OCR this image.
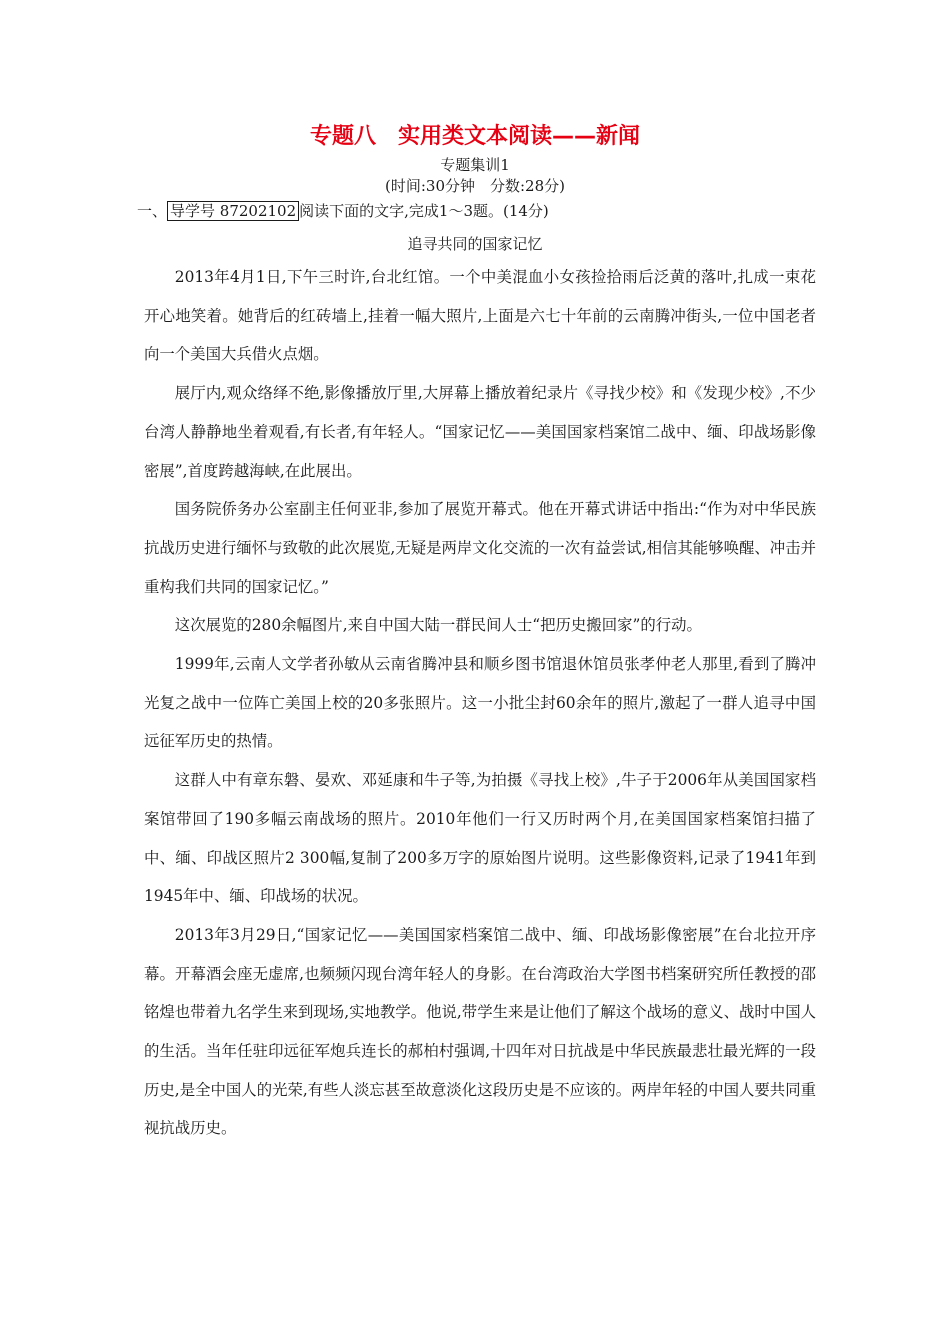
专题八　实用类文本阅读——新闻
专题集训1
(时间:30分钟　分数:28分)
一、 导学号 87202102 阅读下面的文字,完成1～3题。(14分)
追寻共同的国家记忆

2013年4月1日,下午三时许,台北红馆。一个中美混血小女孩捡拾雨后泛黄的落叶,扎成一束花开心地笑着。她背后的红砖墙上,挂着一幅大照片,上面是六七十年前的云南腾冲街头,一位中国老者向一个美国大兵借火点烟。

展厅内,观众络绎不绝,影像播放厅里,大屏幕上播放着纪录片《寻找少校》和《发现少校》,不少台湾人静静地坐着观看,有长者,有年轻人。“国家记忆——美国国家档案馆二战中、缅、印战场影像密展”,首度跨越海峡,在此展出。

国务院侨务办公室副主任何亚非,参加了展览开幕式。他在开幕式讲话中指出:“作为对中华民族抗战历史进行缅怀与致敬的此次展览,无疑是两岸文化交流的一次有益尝试,相信其能够唤醒、冲击并重构我们共同的国家记忆。”

这次展览的280余幅图片,来自中国大陆一群民间人士“把历史搬回家”的行动。

1999年,云南人文学者孙敏从云南省腾冲县和顺乡图书馆退休馆员张孝仲老人那里,看到了腾冲光复之战中一位阵亡美国上校的20多张照片。这一小批尘封60余年的照片,激起了一群人追寻中国远征军历史的热情。

这群人中有章东磐、晏欢、邓延康和牛子等,为拍摄《寻找上校》,牛子于2006年从美国国家档案馆带回了190多幅云南战场的照片。2010年他们一行又历时两个月,在美国国家档案馆扫描了中、缅、印战区照片2 300幅,复制了200多万字的原始图片说明。这些影像资料,记录了1941年到1945年中、缅、印战场的状况。

2013年3月29日,“国家记忆——美国国家档案馆二战中、缅、印战场影像密展”在台北拉开序幕。开幕酒会座无虚席,也频频闪现台湾年轻人的身影。在台湾政治大学图书档案研究所任教授的邵铭煌也带着九名学生来到现场,实地教学。他说,带学生来是让他们了解这个战场的意义、战时中国人的生活。当年任驻印远征军炮兵连长的郝柏村强调,十四年对日抗战是中华民族最悲壮最光辉的一段历史,是全中国人的光荣,有些人淡忘甚至故意淡化这段历史是不应该的。两岸年轻的中国人要共同重视抗战历史。
